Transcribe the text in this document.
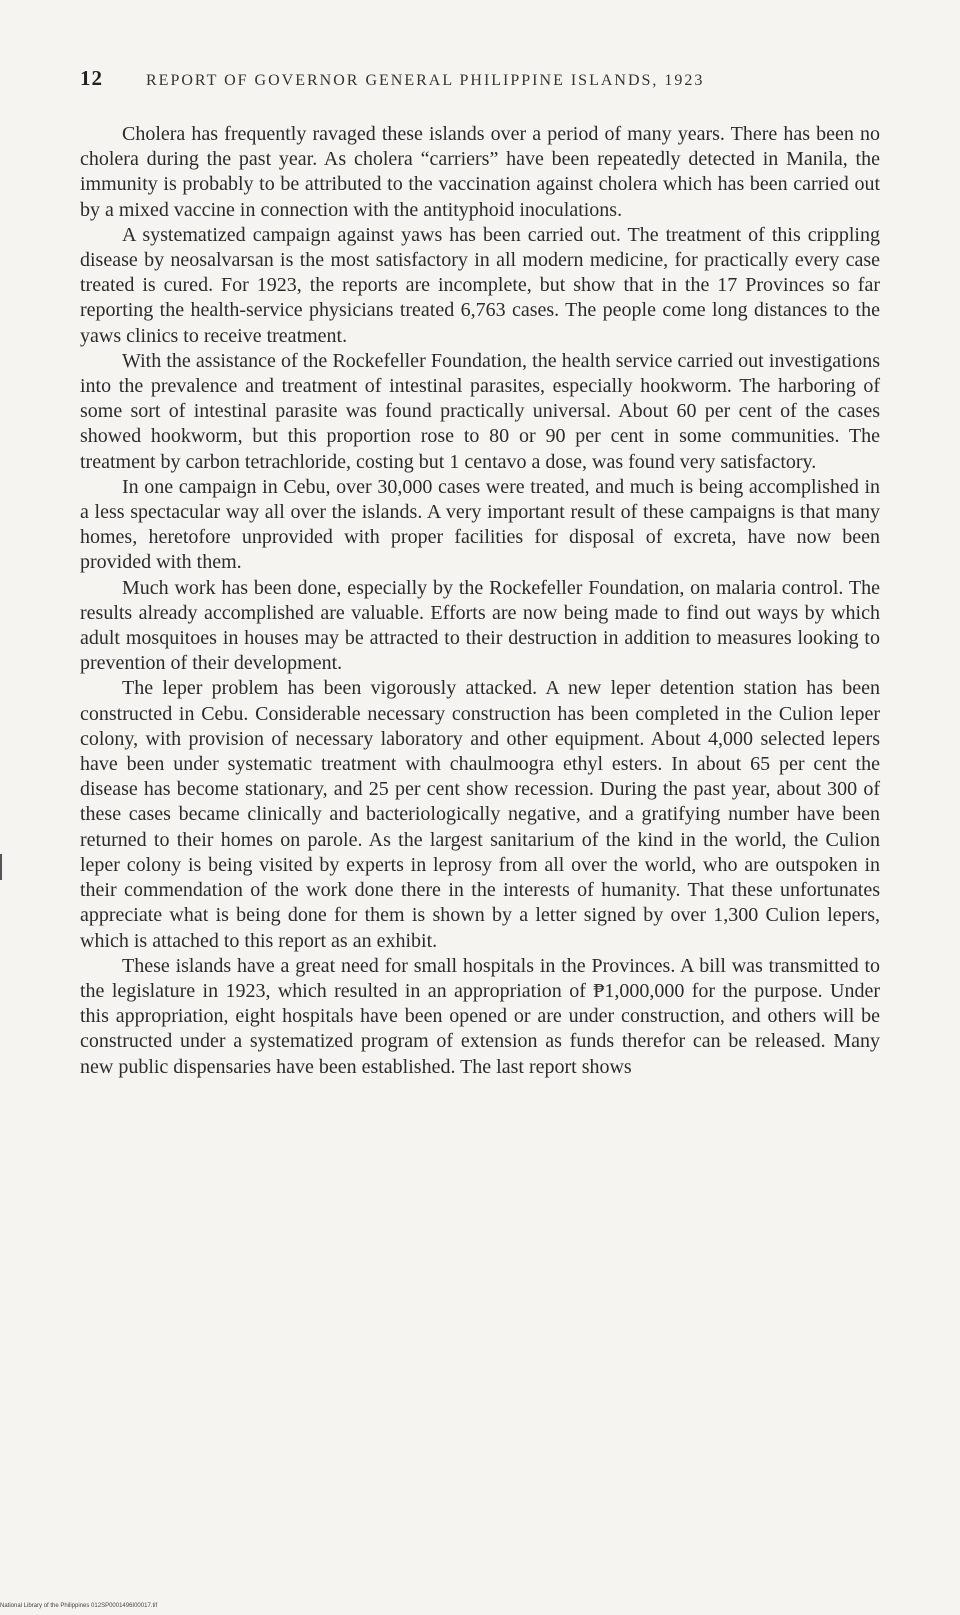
12	REPORT OF GOVERNOR GENERAL PHILIPPINE ISLANDS, 1923

Cholera has frequently ravaged these islands over a period of many years. There has been no cholera during the past year. As cholera “carriers” have been repeatedly detected in Manila, the immunity is probably to be attributed to the vaccination against cholera which has been carried out by a mixed vaccine in connection with the antityphoid inoculations.

A systematized campaign against yaws has been carried out. The treatment of this crippling disease by neosalvarsan is the most satisfactory in all modern medicine, for practically every case treated is cured. For 1923, the reports are incomplete, but show that in the 17 Provinces so far reporting the health-service physicians treated 6,763 cases. The people come long distances to the yaws clinics to receive treatment.

With the assistance of the Rockefeller Foundation, the health service carried out investigations into the prevalence and treatment of intestinal parasites, especially hookworm. The harboring of some sort of intestinal parasite was found practically universal. About 60 per cent of the cases showed hookworm, but this proportion rose to 80 or 90 per cent in some communities. The treatment by carbon tetrachloride, costing but 1 centavo a dose, was found very satisfactory.

In one campaign in Cebu, over 30,000 cases were treated, and much is being accomplished in a less spectacular way all over the islands. A very important result of these campaigns is that many homes, heretofore unprovided with proper facilities for disposal of excreta, have now been provided with them.

Much work has been done, especially by the Rockefeller Foundation, on malaria control. The results already accomplished are valuable. Efforts are now being made to find out ways by which adult mosquitoes in houses may be attracted to their destruction in addition to measures looking to prevention of their development.

The leper problem has been vigorously attacked. A new leper detention station has been constructed in Cebu. Considerable necessary construction has been completed in the Culion leper colony, with provision of necessary laboratory and other equipment. About 4,000 selected lepers have been under systematic treatment with chaulmoogra ethyl esters. In about 65 per cent the disease has become stationary, and 25 per cent show recession. During the past year, about 300 of these cases became clinically and bacteriologically negative, and a gratifying number have been returned to their homes on parole. As the largest sanitarium of the kind in the world, the Culion leper colony is being visited by experts in leprosy from all over the world, who are outspoken in their commendation of the work done there in the interests of humanity. That these unfortunates appreciate what is being done for them is shown by a letter signed by over 1,300 Culion lepers, which is attached to this report as an exhibit.

These islands have a great need for small hospitals in the Provinces. A bill was transmitted to the legislature in 1923, which resulted in an appropriation of ₱1,000,000 for the purpose. Under this appropriation, eight hospitals have been opened or are under construction, and others will be constructed under a systematized program of extension as funds therefor can be released. Many new public dispensaries have been established. The last report shows

National Library of the Philippines 012SP0001496I00017.tif
